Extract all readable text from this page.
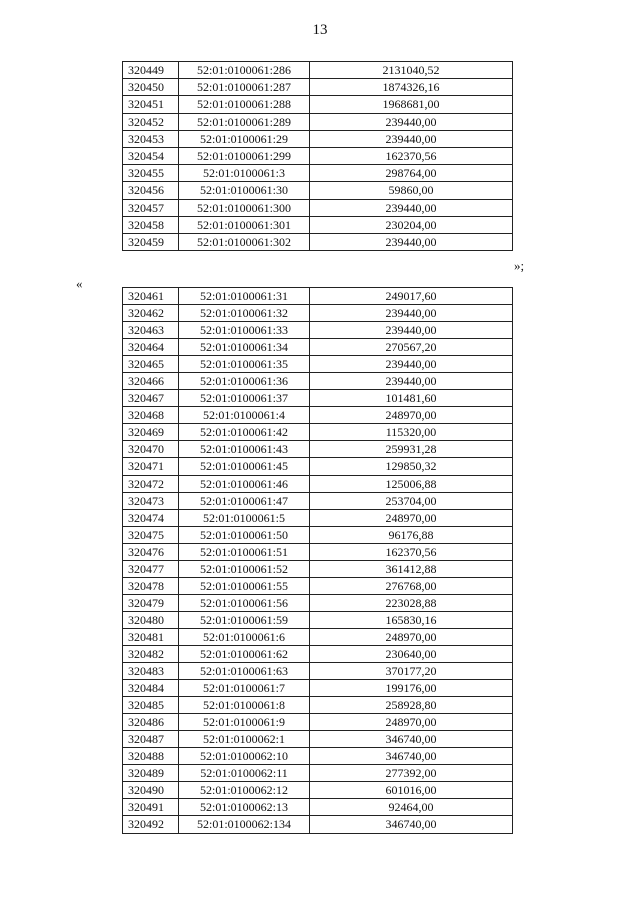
13
320449	52:01:0100061:286	2131040,52
320450	52:01:0100061:287	1874326,16
320451	52:01:0100061:288	1968681,00
320452	52:01:0100061:289	239440,00
320453	52:01:0100061:29	239440,00
320454	52:01:0100061:299	162370,56
320455	52:01:0100061:3	298764,00
320456	52:01:0100061:30	59860,00
320457	52:01:0100061:300	239440,00
320458	52:01:0100061:301	230204,00
320459	52:01:0100061:302	239440,00
»;
«
320461	52:01:0100061:31	249017,60
320462	52:01:0100061:32	239440,00
320463	52:01:0100061:33	239440,00
320464	52:01:0100061:34	270567,20
320465	52:01:0100061:35	239440,00
320466	52:01:0100061:36	239440,00
320467	52:01:0100061:37	101481,60
320468	52:01:0100061:4	248970,00
320469	52:01:0100061:42	115320,00
320470	52:01:0100061:43	259931,28
320471	52:01:0100061:45	129850,32
320472	52:01:0100061:46	125006,88
320473	52:01:0100061:47	253704,00
320474	52:01:0100061:5	248970,00
320475	52:01:0100061:50	96176,88
320476	52:01:0100061:51	162370,56
320477	52:01:0100061:52	361412,88
320478	52:01:0100061:55	276768,00
320479	52:01:0100061:56	223028,88
320480	52:01:0100061:59	165830,16
320481	52:01:0100061:6	248970,00
320482	52:01:0100061:62	230640,00
320483	52:01:0100061:63	370177,20
320484	52:01:0100061:7	199176,00
320485	52:01:0100061:8	258928,80
320486	52:01:0100061:9	248970,00
320487	52:01:0100062:1	346740,00
320488	52:01:0100062:10	346740,00
320489	52:01:0100062:11	277392,00
320490	52:01:0100062:12	601016,00
320491	52:01:0100062:13	92464,00
320492	52:01:0100062:134	346740,00
